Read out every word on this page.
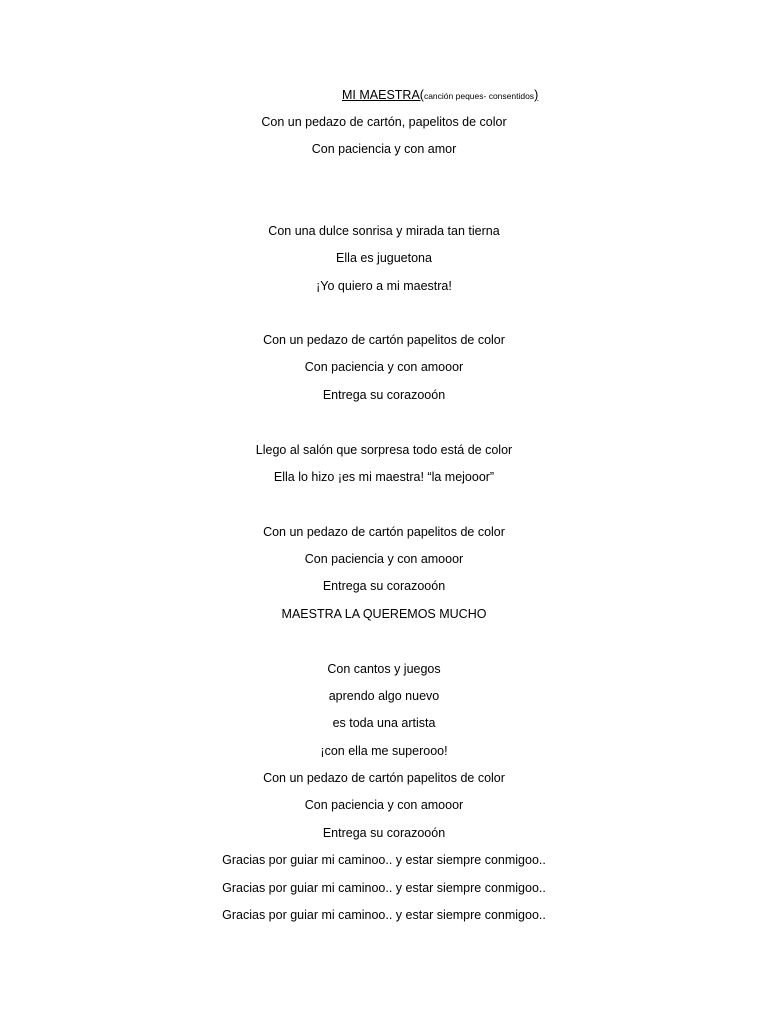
MI MAESTRA(canción peques- consentidos)
Con un pedazo de cartón, papelitos de color
Con paciencia y con amor
Con una dulce sonrisa y mirada tan tierna
Ella es juguetona
¡Yo quiero a mi maestra!
Con un pedazo de cartón papelitos de color
Con paciencia y con amooor
Entrega su corazooón
Llego al salón que sorpresa todo está de color
Ella lo hizo ¡es mi maestra! “la mejooor”
Con un pedazo de cartón papelitos de color
Con paciencia y con amooor
Entrega su corazooón
MAESTRA LA QUEREMOS MUCHO
Con cantos y juegos
aprendo algo nuevo
es toda una artista
¡con ella me superooo!
Con un pedazo de cartón papelitos de color
Con paciencia y con amooor
Entrega su corazooón
Gracias por guiar mi caminoo.. y estar siempre conmigoo..
Gracias por guiar mi caminoo.. y estar siempre conmigoo..
Gracias por guiar mi caminoo.. y estar siempre conmigoo..
